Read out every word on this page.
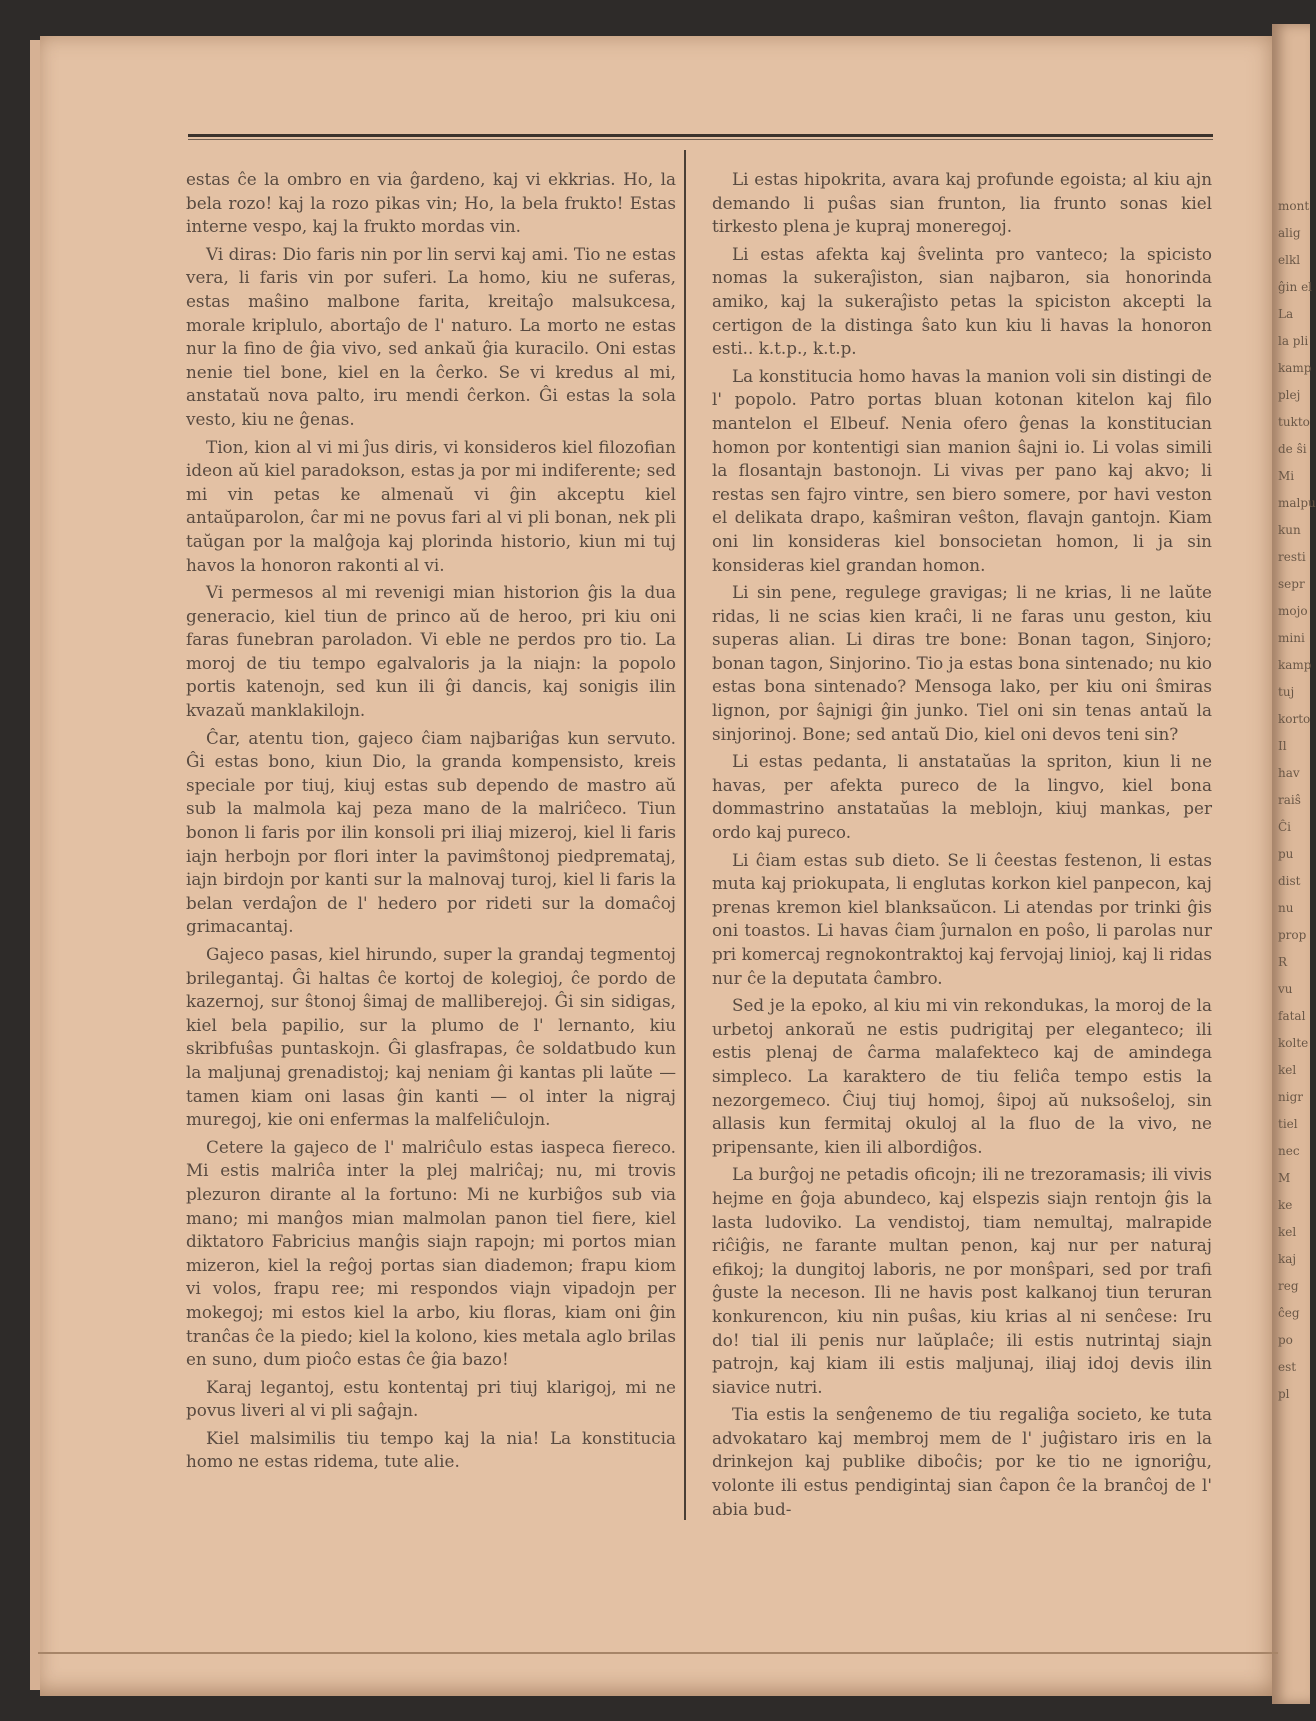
mont
alig
elkl
ĝin el
La
la pli
kamp
plej
tukto
de ŝi
Mi
malpu
kun
resti
sepr
mojo
mini
kamp
tuj
korto
Il
hav
raiŝ
Ĉi
pu
dist
nu
prop
R
vu
fatal
kolte
kel
nigr
tiel
nec
M
ke
kel
kaj
reg
ĉeg
po
est
pl

estas ĉe la ombro en via ĝardeno, kaj vi ekkrias. Ho, la bela rozo! kaj la rozo pikas vin; Ho, la bela frukto! Estas interne vespo, kaj la frukto mordas vin.

Vi diras: Dio faris nin por lin servi kaj ami. Tio ne estas vera, li faris vin por suferi. La homo, kiu ne suferas, estas maŝino malbone farita, kreitaĵo malsukcesa, morale kriplulo, abortaĵo de l' naturo. La morto ne estas nur la fino de ĝia vivo, sed ankaŭ ĝia kuracilo. Oni estas nenie tiel bone, kiel en la ĉerko. Se vi kredus al mi, anstataŭ nova palto, iru mendi ĉerkon. Ĝi estas la sola vesto, kiu ne ĝenas.

Tion, kion al vi mi ĵus diris, vi konsideros kiel filozofian ideon aŭ kiel paradokson, estas ja por mi indiferente; sed mi vin petas ke almenaŭ vi ĝin akceptu kiel antaŭparolon, ĉar mi ne povus fari al vi pli bonan, nek pli taŭgan por la malĝoja kaj plorinda historio, kiun mi tuj havos la honoron rakonti al vi.

Vi permesos al mi revenigi mian historion ĝis la dua generacio, kiel tiun de princo aŭ de heroo, pri kiu oni faras funebran paroladon. Vi eble ne perdos pro tio. La moroj de tiu tempo egalvaloris ja la niajn: la popolo portis katenojn, sed kun ili ĝi dancis, kaj sonigis ilin kvazaŭ manklakilojn.

Ĉar, atentu tion, gajeco ĉiam najbariĝas kun servuto. Ĝi estas bono, kiun Dio, la granda kompensisto, kreis speciale por tiuj, kiuj estas sub dependo de mastro aŭ sub la malmola kaj peza mano de la malriĉeco. Tiun bonon li faris por ilin konsoli pri iliaj mizeroj, kiel li faris iajn herbojn por flori inter la pavimŝtonoj piedpremataj, iajn birdojn por kanti sur la malnovaj turoj, kiel li faris la belan verdaĵon de l' hedero por rideti sur la domaĉoj grimacantaj.

Gajeco pasas, kiel hirundo, super la grandaj tegmentoj brilegantaj. Ĝi haltas ĉe kortoj de kolegioj, ĉe pordo de kazernoj, sur ŝtonoj ŝimaj de malliberejoj. Ĝi sin sidigas, kiel bela papilio, sur la plumo de l' lernanto, kiu skribfuŝas puntaskojn. Ĝi glasfrapas, ĉe soldatbudo kun la maljunaj grenadistoj; kaj neniam ĝi kantas pli laŭte — tamen kiam oni lasas ĝin kanti — ol inter la nigraj muregoj, kie oni enfermas la malfeliĉulojn.

Cetere la gajeco de l' malriĉulo estas iaspeca fiereco. Mi estis malriĉa inter la plej malriĉaj; nu, mi trovis plezuron dirante al la fortuno: Mi ne kurbiĝos sub via mano; mi manĝos mian malmolan panon tiel fiere, kiel diktatoro Fabricius manĝis siajn rapojn; mi portos mian mizeron, kiel la reĝoj portas sian diademon; frapu kiom vi volos, frapu ree; mi respondos viajn vipadojn per mokegoj; mi estos kiel la arbo, kiu floras, kiam oni ĝin tranĉas ĉe la piedo; kiel la kolono, kies metala aglo brilas en suno, dum pioĉo estas ĉe ĝia bazo!

Karaj legantoj, estu kontentaj pri tiuj klarigoj, mi ne povus liveri al vi pli saĝajn.

Kiel malsimilis tiu tempo kaj la nia! La konstitucia homo ne estas ridema, tute alie.

Li estas hipokrita, avara kaj profunde egoista; al kiu ajn demando li puŝas sian frunton, lia frunto sonas kiel tirkesto plena je kupraj moneregoj.

Li estas afekta kaj ŝvelinta pro vanteco; la spicisto nomas la sukeraĵiston, sian najbaron, sia honorinda amiko, kaj la sukeraĵisto petas la spiciston akcepti la certigon de la distinga ŝato kun kiu li havas la honoron esti.. k.t.p., k.t.p.

La konstitucia homo havas la manion voli sin distingi de l' popolo. Patro portas bluan kotonan kitelon kaj filo mantelon el Elbeuf. Nenia ofero ĝenas la konstitucian homon por kontentigi sian manion ŝajni io. Li volas simili la flosantajn bastonojn. Li vivas per pano kaj akvo; li restas sen fajro vintre, sen biero somere, por havi veston el delikata drapo, kaŝmiran veŝton, flavajn gantojn. Kiam oni lin konsideras kiel bonsocietan homon, li ja sin konsideras kiel grandan homon.

Li sin pene, regulege gravigas; li ne krias, li ne laŭte ridas, li ne scias kien kraĉi, li ne faras unu geston, kiu superas alian. Li diras tre bone: Bonan tagon, Sinjoro; bonan tagon, Sinjorino. Tio ja estas bona sintenado; nu kio estas bona sintenado? Mensoga lako, per kiu oni ŝmiras lignon, por ŝajnigi ĝin junko. Tiel oni sin tenas antaŭ la sinjorinoj. Bone; sed antaŭ Dio, kiel oni devos teni sin?

Li estas pedanta, li anstataŭas la spriton, kiun li ne havas, per afekta pureco de la lingvo, kiel bona dommastrino anstataŭas la meblojn, kiuj mankas, per ordo kaj pureco.

Li ĉiam estas sub dieto. Se li ĉeestas festenon, li estas muta kaj priokupata, li englutas korkon kiel panpecon, kaj prenas kremon kiel blanksaŭcon. Li atendas por trinki ĝis oni toastos. Li havas ĉiam ĵurnalon en poŝo, li parolas nur pri komercaj regnokontraktoj kaj fervojaj linioj, kaj li ridas nur ĉe la deputata ĉambro.

Sed je la epoko, al kiu mi vin rekondukas, la moroj de la urbetoj ankoraŭ ne estis pudrigitaj per eleganteco; ili estis plenaj de ĉarma malafekteco kaj de amindega simpleco. La karaktero de tiu feliĉa tempo estis la nezorgemeco. Ĉiuj tiuj homoj, ŝipoj aŭ nuksoŝeloj, sin allasis kun fermitaj okuloj al la fluo de la vivo, ne pripensante, kien ili albordiĝos.

La burĝoj ne petadis oficojn; ili ne trezoramasis; ili vivis hejme en ĝoja abundeco, kaj elspezis siajn rentojn ĝis la lasta ludoviko. La vendistoj, tiam nemultaj, malrapide riĉiĝis, ne farante multan penon, kaj nur per naturaj efikoj; la dungitoj laboris, ne por monŝpari, sed por trafi ĝuste la neceson. Ili ne havis post kalkanoj tiun teruran konkurencon, kiu nin puŝas, kiu krias al ni senĉese: Iru do! tial ili penis nur laŭplaĉe; ili estis nutrintaj siajn patrojn, kaj kiam ili estis maljunaj, iliaj idoj devis ilin siavice nutri.

Tia estis la senĝenemo de tiu regaliĝa societo, ke tuta advokataro kaj membroj mem de l' juĝistaro iris en la drinkejon kaj publike diboĉis; por ke tio ne ignoriĝu, volonte ili estus pendigintaj sian ĉapon ĉe la branĉoj de l' abia bud-
